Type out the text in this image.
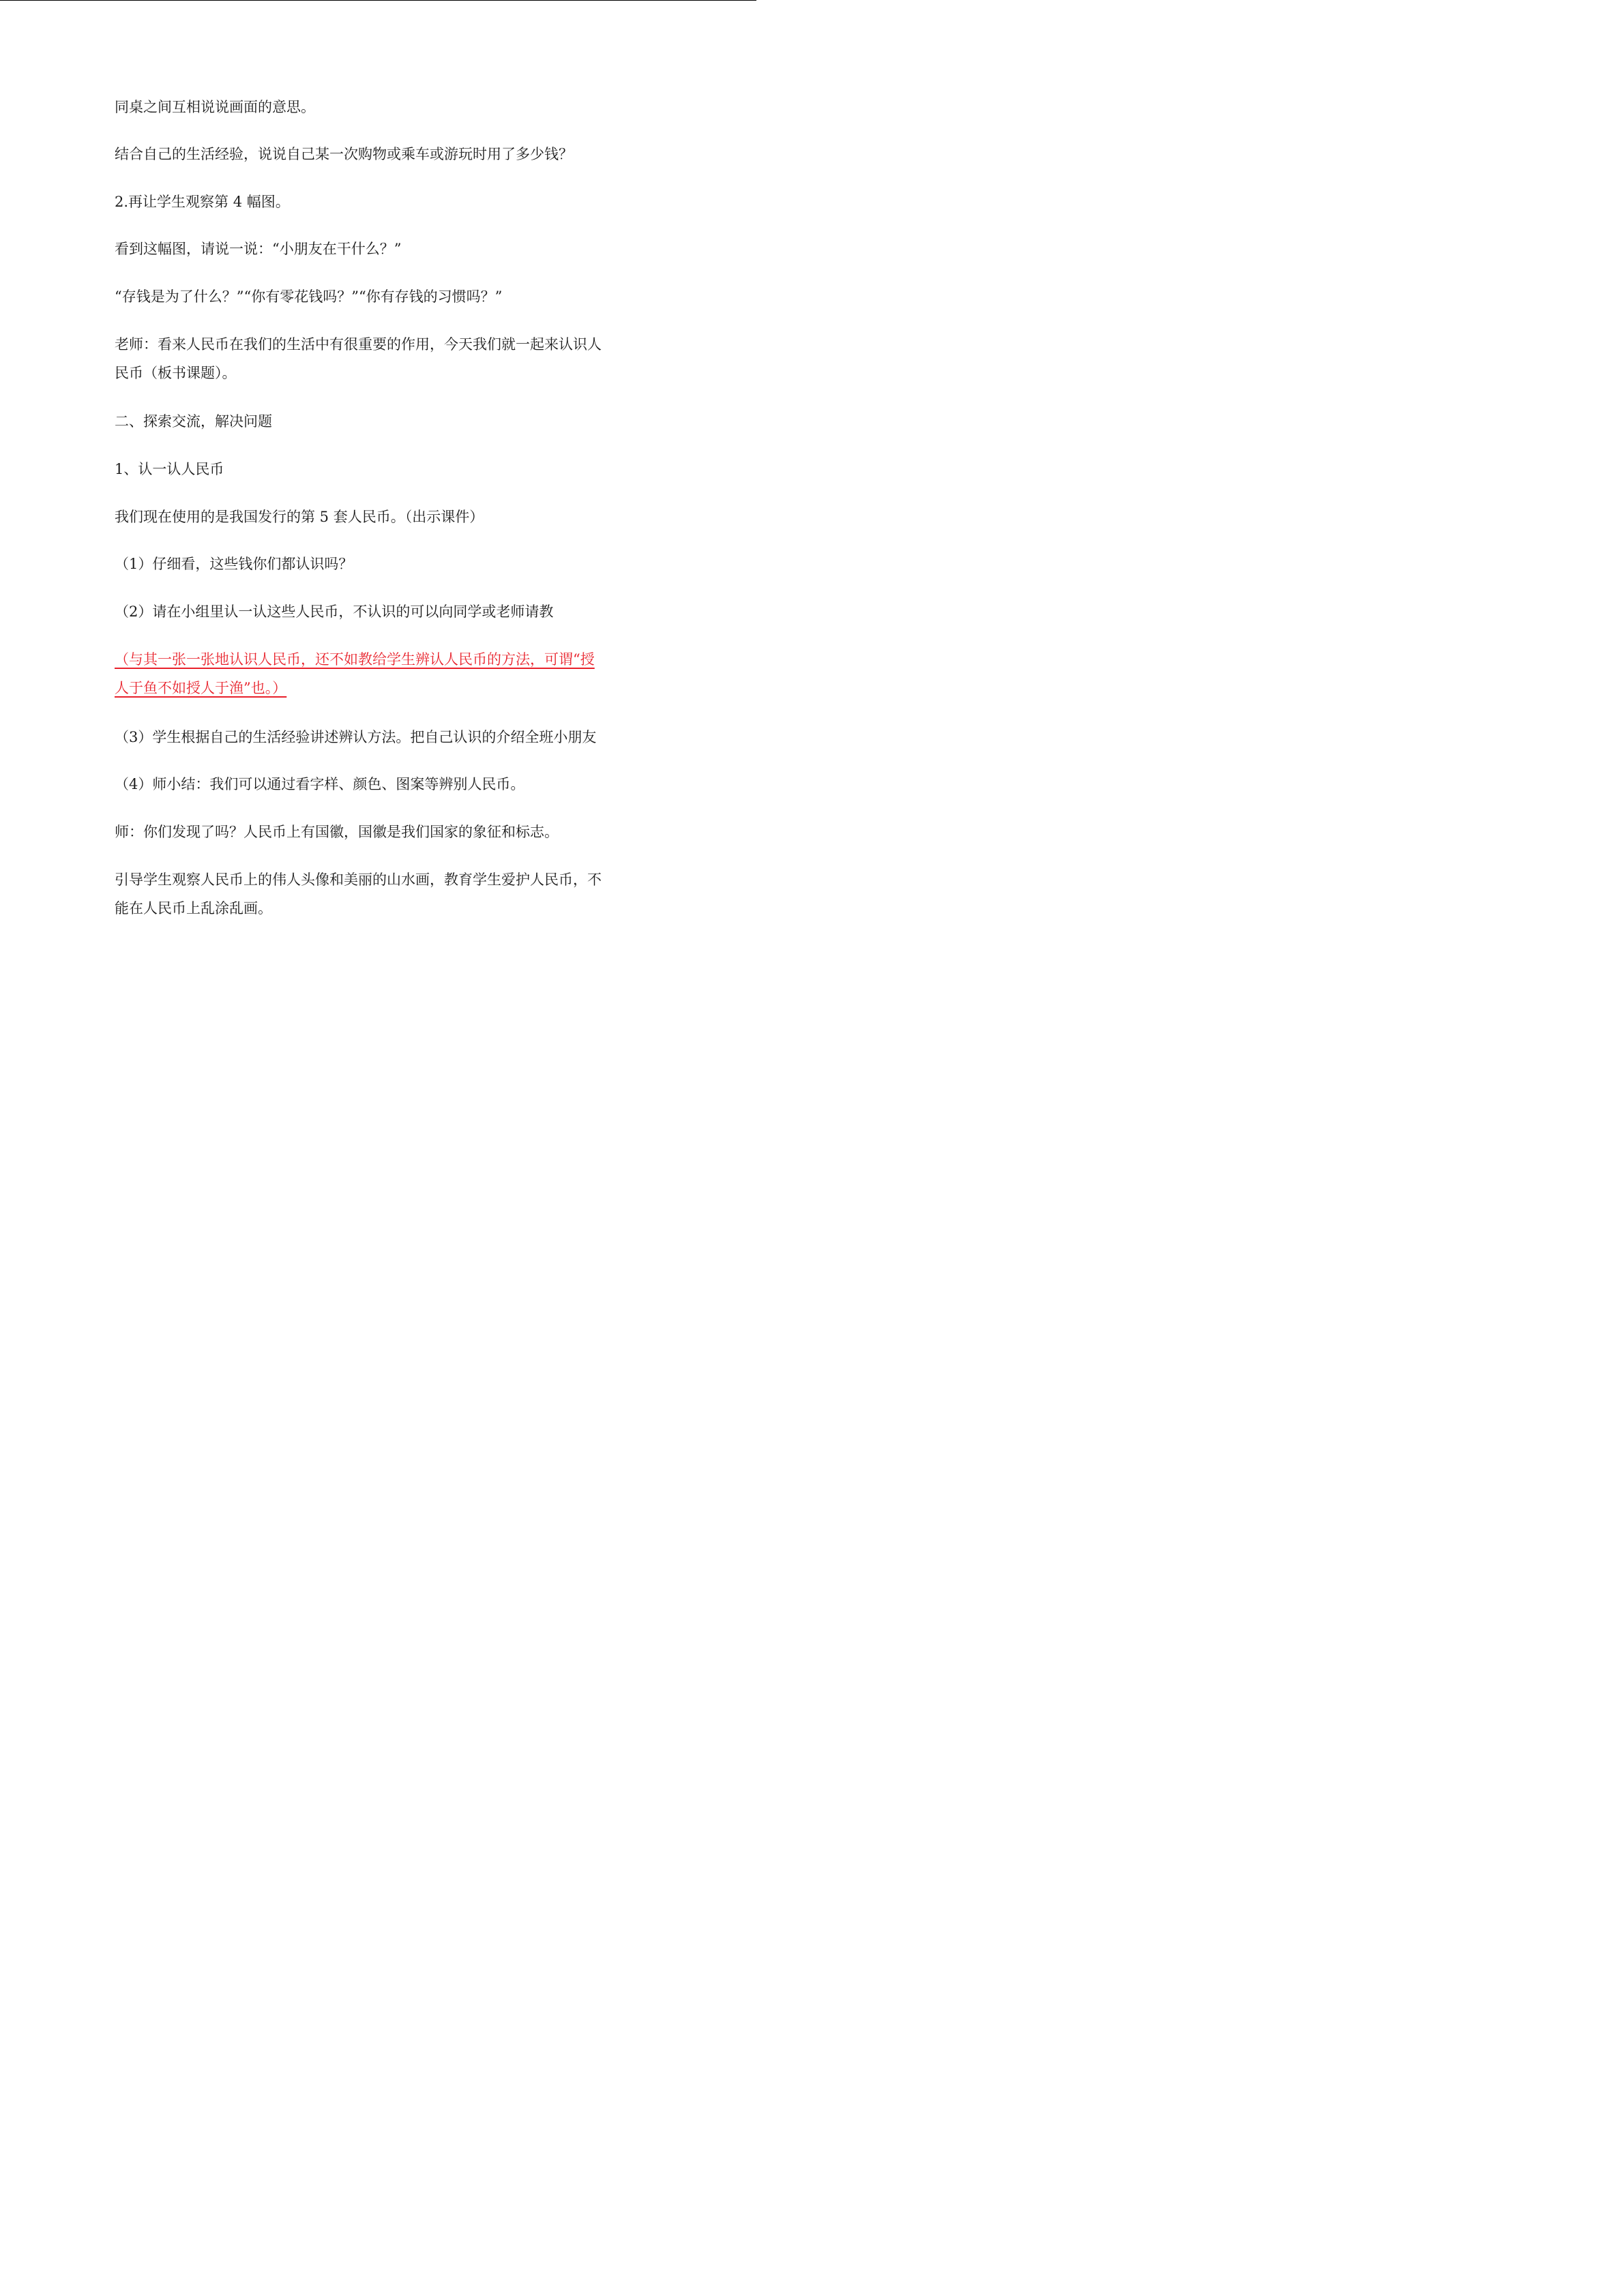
同桌之间互相说说画面的意思。

结合自己的生活经验，说说自己某一次购物或乘车或游玩时用了多少钱？

2.再让学生观察第 4 幅图。

看到这幅图，请说一说：“小朋友在干什么？”

“存钱是为了什么？”“你有零花钱吗？”“你有存钱的习惯吗？”

老师：看来人民币在我们的生活中有很重要的作用，今天我们就一起来认识人
民币（板书课题）。

二、探索交流，解决问题

1、认一认人民币

我们现在使用的是我国发行的第 5 套人民币。（出示课件）

（1）仔细看，这些钱你们都认识吗？

（2）请在小组里认一认这些人民币，不认识的可以向同学或老师请教

（与其一张一张地认识人民币，还不如教给学生辨认人民币的方法，可谓“授
人于鱼不如授人于渔”也。）

（3）学生根据自己的生活经验讲述辨认方法。把自己认识的介绍全班小朋友

（4）师小结：我们可以通过看字样、颜色、图案等辨别人民币。

师：你们发现了吗？人民币上有国徽，国徽是我们国家的象征和标志。

引导学生观察人民币上的伟人头像和美丽的山水画，教育学生爱护人民币，不
能在人民币上乱涂乱画。
